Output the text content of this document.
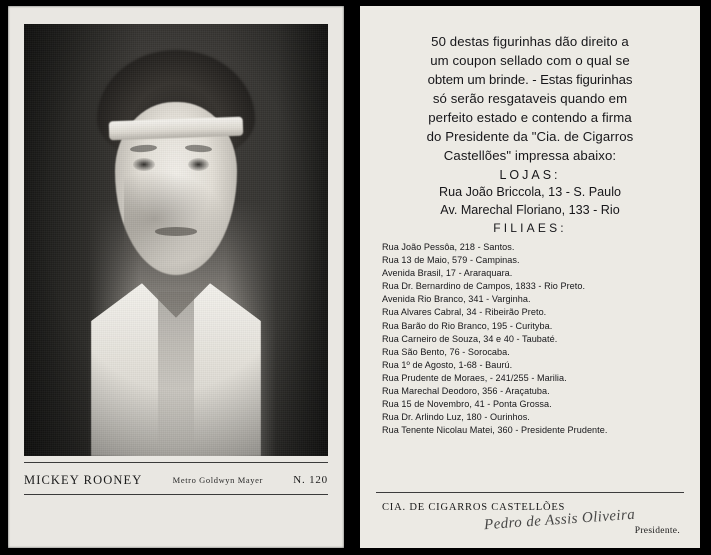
MICKEY ROONEY	Metro Goldwyn Mayer	N. 120
50 destas figurinhas dão direito a
um coupon sellado com o qual se
obtem um brinde. - Estas figurinhas
só serão resgataveis quando em
perfeito estado e contendo a firma
do Presidente da "Cia. de Cigarros
Castellões" impressa abaixo:
LOJAS:
Rua João Briccola, 13 - S. Paulo
Av. Marechal Floriano, 133 - Rio
FILIAES:
Rua João Pessôa, 218 - Santos.
Rua 13 de Maio, 579 - Campinas.
Avenida Brasil, 17 - Araraquara.
Rua Dr. Bernardino de Campos, 1833 - Rio Preto.
Avenida Rio Branco, 341 - Varginha.
Rua Alvares Cabral, 34 - Ribeirão Preto.
Rua Barão do Rio Branco, 195 - Curityba.
Rua Carneiro de Souza, 34 e 40 - Taubaté.
Rua São Bento, 76 - Sorocaba.
Rua 1º de Agosto, 1-68 - Baurú.
Rua Prudente de Moraes, - 241/255 - Marilia.
Rua Marechal Deodoro, 356 - Araçatuba.
Rua 15 de Novembro, 41 - Ponta Grossa.
Rua Dr. Arlindo Luz, 180 - Ourinhos.
Rua Tenente Nicolau Matei, 360 - Presidente Prudente.
CIA. DE CIGARROS CASTELLÕES
Pedro de Assis Oliveira Presidente.
